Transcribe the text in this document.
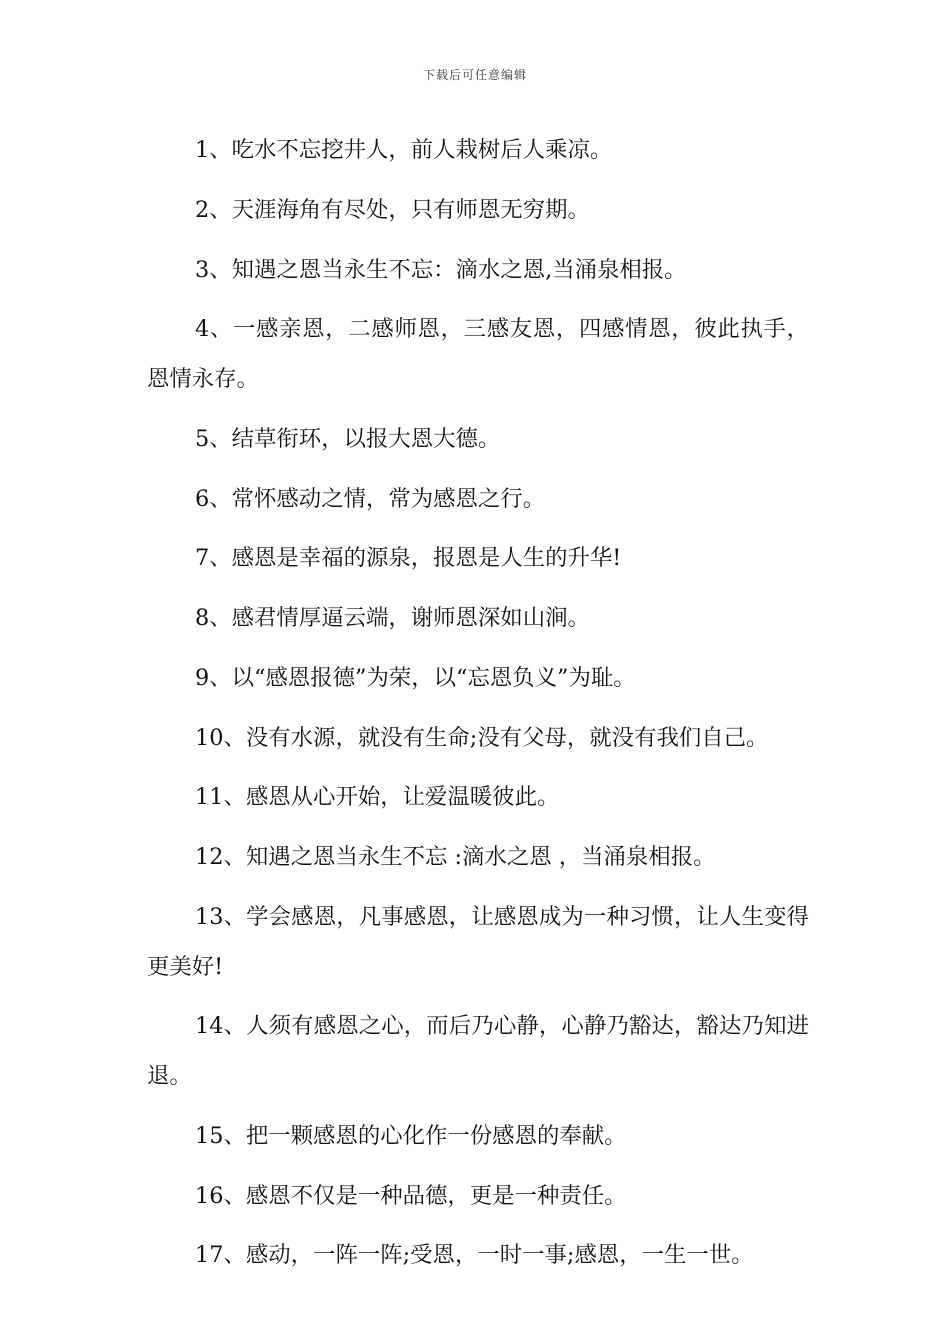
下载后可任意编辑

1、吃水不忘挖井人，前人栽树后人乘凉。

2、天涯海角有尽处，只有师恩无穷期。

3、知遇之恩当永生不忘：滴水之恩,当涌泉相报。

4、一感亲恩，二感师恩，三感友恩，四感情恩，彼此执手，恩情永存。

5、结草衔环，以报大恩大德。

6、常怀感动之情，常为感恩之行。

7、感恩是幸福的源泉，报恩是人生的升华!

8、感君情厚逼云端，谢师恩深如山涧。

9、以“感恩报德”为荣，以“忘恩负义”为耻。

10、没有水源，就没有生命;没有父母，就没有我们自己。

11、感恩从心开始，让爱温暖彼此。

12、知遇之恩当永生不忘 :滴水之恩 ，当涌泉相报。

13、学会感恩，凡事感恩，让感恩成为一种习惯，让人生变得更美好!

14、人须有感恩之心，而后乃心静，心静乃豁达，豁达乃知进退。

15、把一颗感恩的心化作一份感恩的奉献。

16、感恩不仅是一种品德，更是一种责任。

17、感动，一阵一阵;受恩，一时一事;感恩，一生一世。
